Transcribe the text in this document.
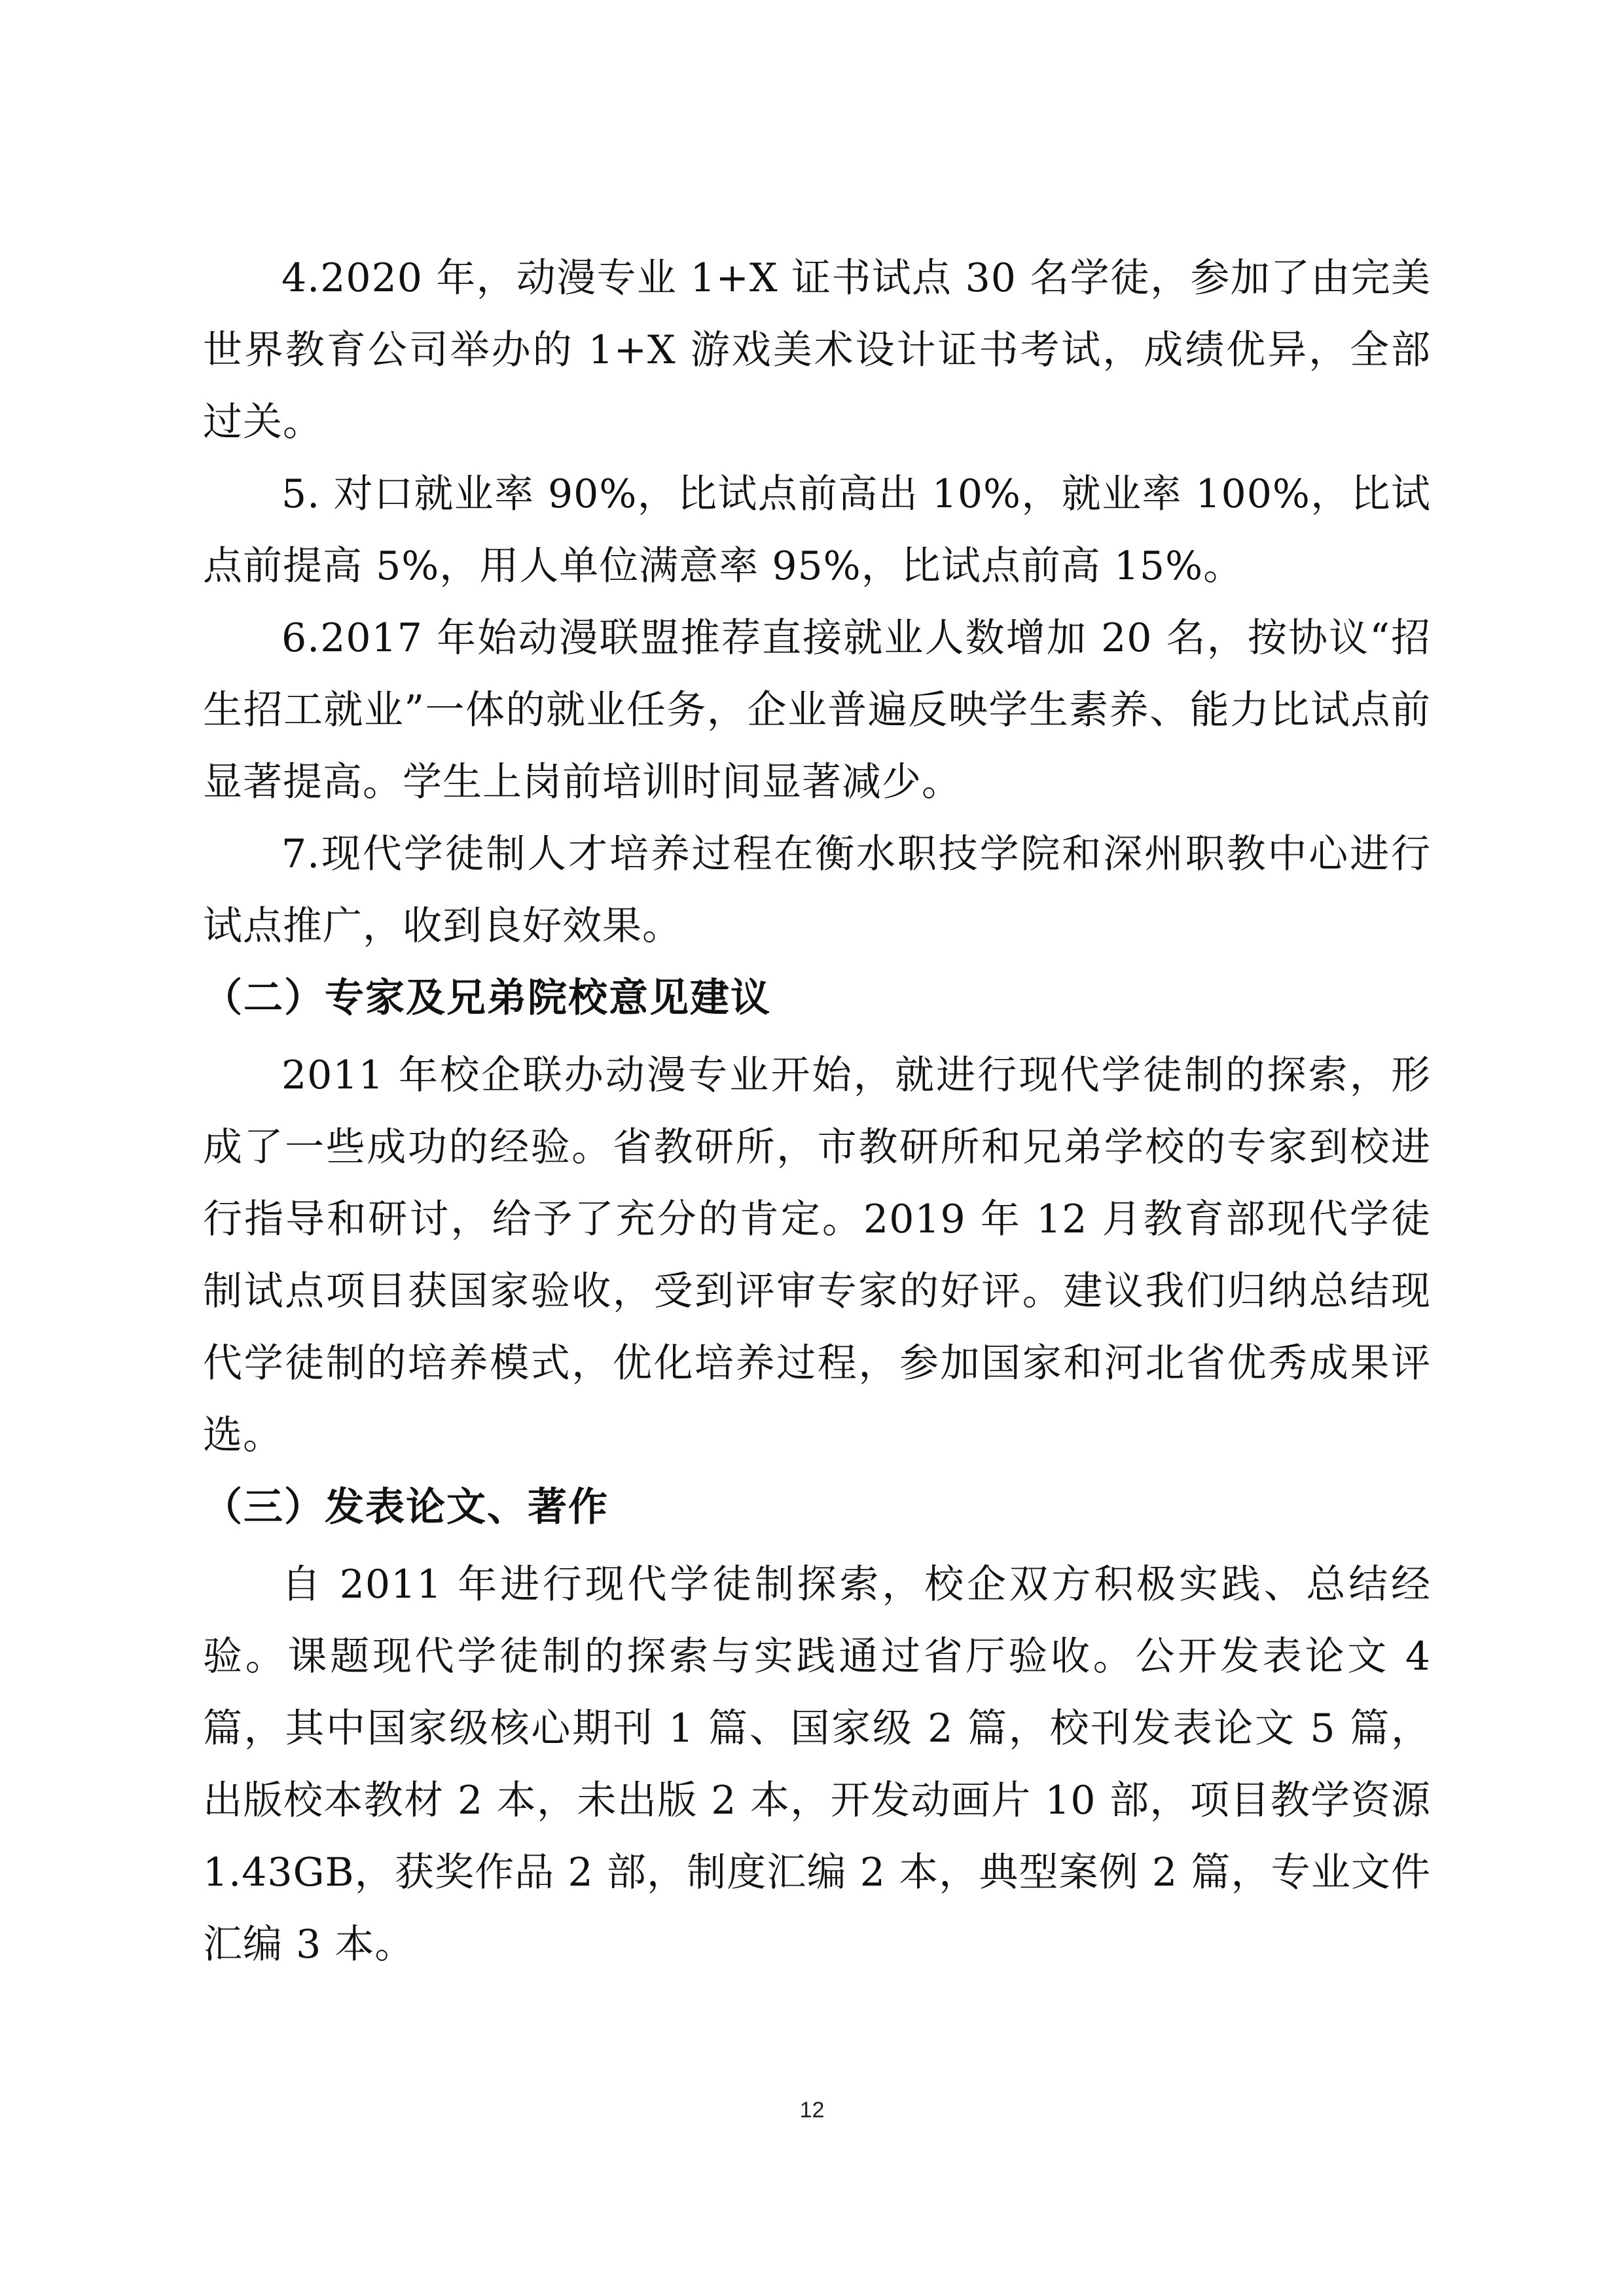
4.2020 年，动漫专业 1+X 证书试点 30 名学徒，参加了由完美世界教育公司举办的 1+X 游戏美术设计证书考试，成绩优异，全部过关。

5. 对口就业率 90%，比试点前高出 10%，就业率 100%，比试点前提高 5%，用人单位满意率 95%，比试点前高 15%。

6.2017 年始动漫联盟推荐直接就业人数增加 20 名，按协议“招生招工就业”一体的就业任务，企业普遍反映学生素养、能力比试点前显著提高。学生上岗前培训时间显著减少。

7.现代学徒制人才培养过程在衡水职技学院和深州职教中心进行试点推广，收到良好效果。

（二）专家及兄弟院校意见建议

2011 年校企联办动漫专业开始，就进行现代学徒制的探索，形成了一些成功的经验。省教研所，市教研所和兄弟学校的专家到校进行指导和研讨，给予了充分的肯定。2019 年 12 月教育部现代学徒制试点项目获国家验收，受到评审专家的好评。建议我们归纳总结现代学徒制的培养模式，优化培养过程，参加国家和河北省优秀成果评选。

（三）发表论文、著作

自 2011 年进行现代学徒制探索，校企双方积极实践、总结经验。课题现代学徒制的探索与实践通过省厅验收。公开发表论文 4 篇，其中国家级核心期刊 1 篇、国家级 2 篇，校刊发表论文 5 篇，出版校本教材 2 本，未出版 2 本，开发动画片 10 部，项目教学资源 1.43GB，获奖作品 2 部，制度汇编 2 本，典型案例 2 篇，专业文件汇编 3 本。

12
